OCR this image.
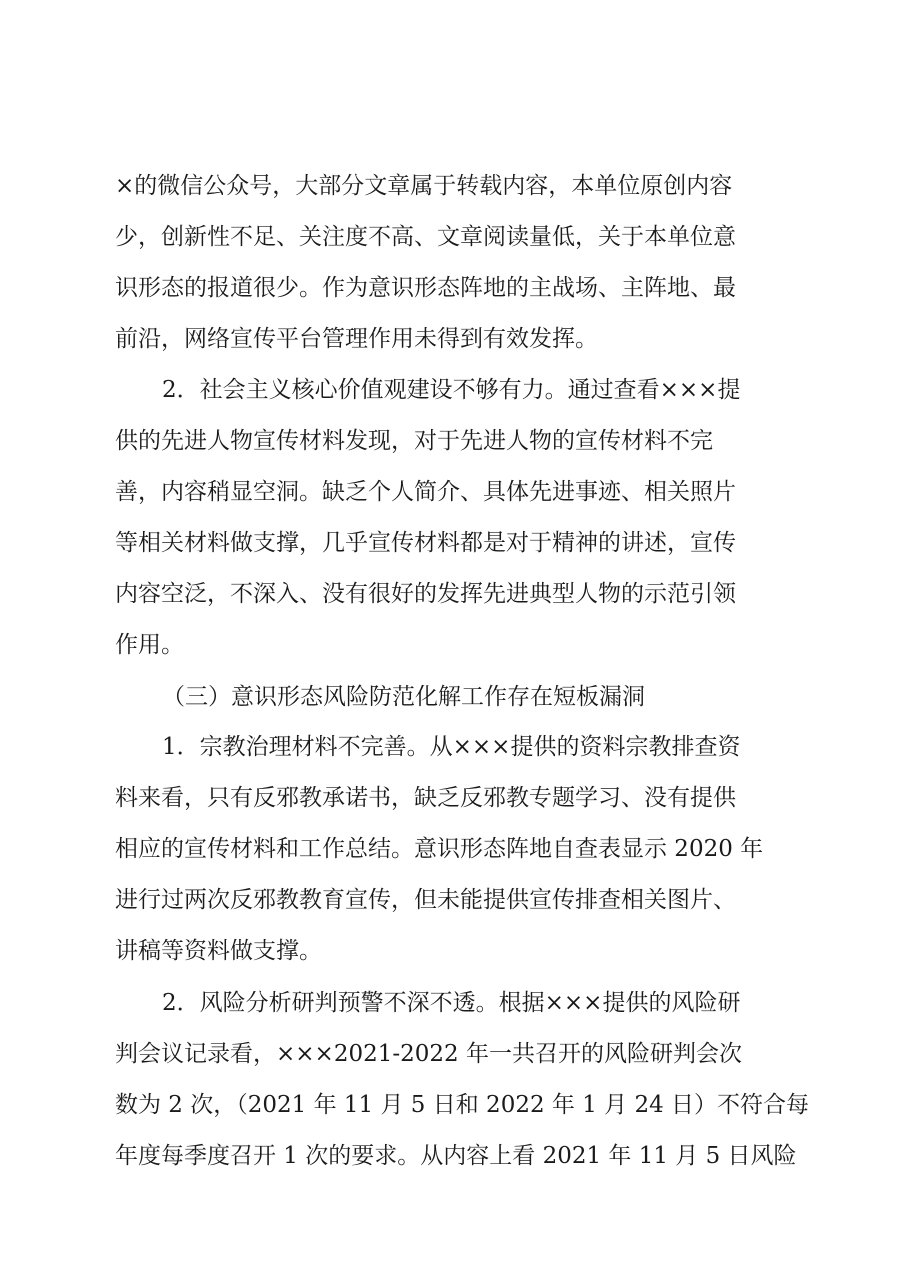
×的微信公众号，大部分文章属于转载内容，本单位原创内容
少，创新性不足、关注度不高、文章阅读量低，关于本单位意
识形态的报道很少。作为意识形态阵地的主战场、主阵地、最
前沿，网络宣传平台管理作用未得到有效发挥。
2．社会主义核心价值观建设不够有力。通过查看×××提
供的先进人物宣传材料发现，对于先进人物的宣传材料不完
善，内容稍显空洞。缺乏个人简介、具体先进事迹、相关照片
等相关材料做支撑，几乎宣传材料都是对于精神的讲述，宣传
内容空泛，不深入、没有很好的发挥先进典型人物的示范引领
作用。
（三）意识形态风险防范化解工作存在短板漏洞
1．宗教治理材料不完善。从×××提供的资料宗教排查资
料来看，只有反邪教承诺书，缺乏反邪教专题学习、没有提供
相应的宣传材料和工作总结。意识形态阵地自查表显示 2020 年
进行过两次反邪教教育宣传，但未能提供宣传排查相关图片、
讲稿等资料做支撑。
2．风险分析研判预警不深不透。根据×××提供的风险研
判会议记录看，×××2021-2022 年一共召开的风险研判会次
数为 2 次，（2021 年 11 月 5 日和 2022 年 1 月 24 日）不符合每
年度每季度召开 1 次的要求。从内容上看 2021 年 11 月 5 日风险
